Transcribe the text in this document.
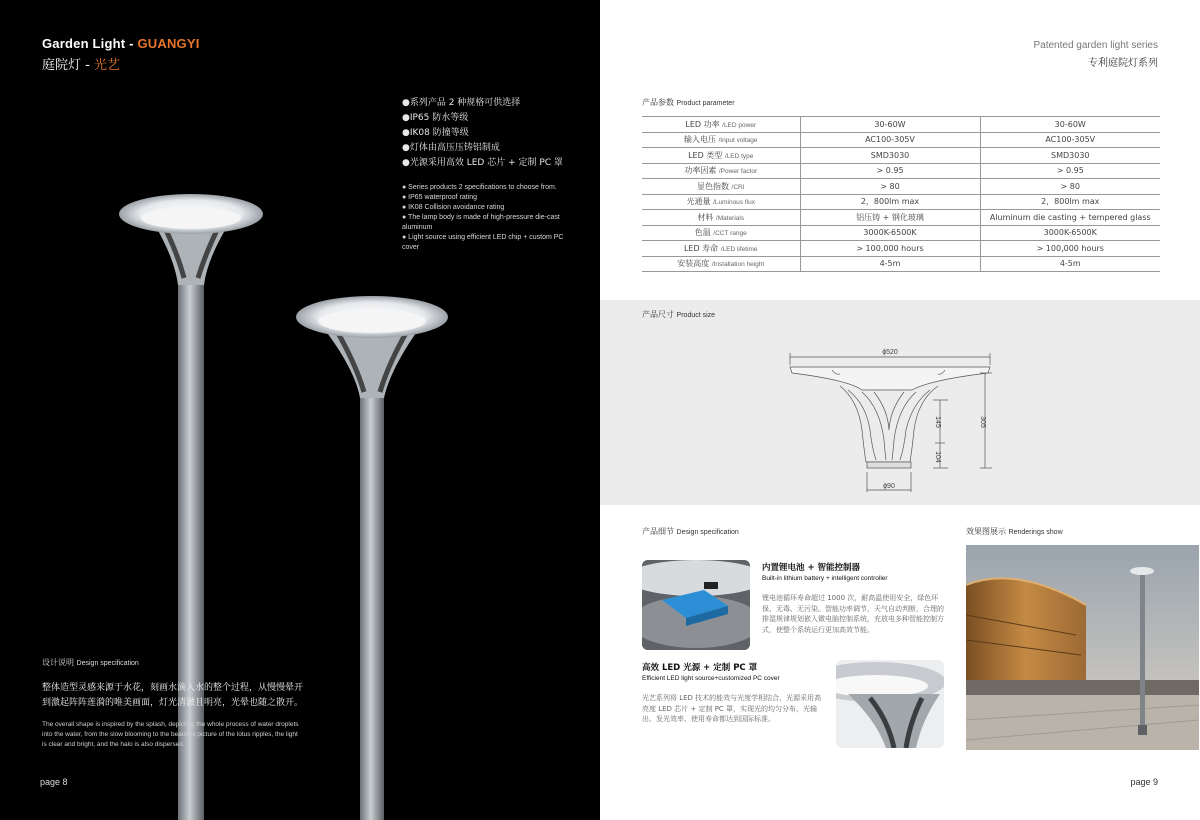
Garden Light - GUANGYI
庭院灯 - 光艺
●系列产品 2 种规格可供选择
●IP65 防水等级
●IK08 防撞等级
●灯体由高压压铸铝制成
●光源采用高效 LED 芯片 + 定制 PC 罩
● Series products 2 specifications to choose from.
● IP65 waterproof rating
● IK08 Collision avoidance rating
● The lamp body is made of high-pressure die-cast aluminum
● Light source using efficient LED chip + custom PC cover
设计说明 Design specification

整体造型灵感来源于水花，刻画水滴入水的整个过程，从慢慢晕开到激起阵阵莲漪的唯美画面，灯光清澈且明亮，光晕也随之散开。

The overall shape is inspired by the splash, depicting the whole process of water droplets into the water, from the slow blooming to the beautiful picture of the lotus ripples, the light is clear and bright, and the halo is also dispersed.

page 8
Patented garden light series
专利庭院灯系列
产品参数 Product parameter
LED 功率 /LED power	30-60W	30-60W
输入电压 /Input voltage	AC100-305V	AC100-305V
LED 类型 /LED type	SMD3030	SMD3030
功率因素 /Power factor	> 0.95	> 0.95
显色指数 /CRI	> 80	> 80
光通量 /Luminous flux	2，800lm max	2，800lm max
材料 /Materials	铝压铸 + 钢化玻璃	Aluminum die casting + tempered glass
色温 /CCT range	3000K-6500K	3000K-6500K
LED 寿命 /LED lifetime	> 100,000 hours	> 100,000 hours
安装高度 /Installation height	4-5m	4-5m
产品尺寸 Product size
ϕ520
145
104
305
ϕ90
产品细节 Design specification	效果图展示 Renderings show
内置锂电池 + 智能控制器
Built-in lithium battery + intelligent controller

锂电池循环寿命超过 1000 次，耐高温使用安全，绿色环保、无毒、无污染。智能功率调节，天气自动判断，合理的排湿规律规划嵌入微电脑控制系统，充放电多种智能控制方式，使整个系统运行更加高效节能。

高效 LED 光源 + 定制 PC 罩
Efficient LED light source+customized PC cover

光艺系列将 LED 技术的能效与光度学相结合，光源采用高亮度 LED 芯片 + 定制 PC 罩，实现光的均匀分布，光输出、发光效率、使用寿命都达到国际标准。

page 9
